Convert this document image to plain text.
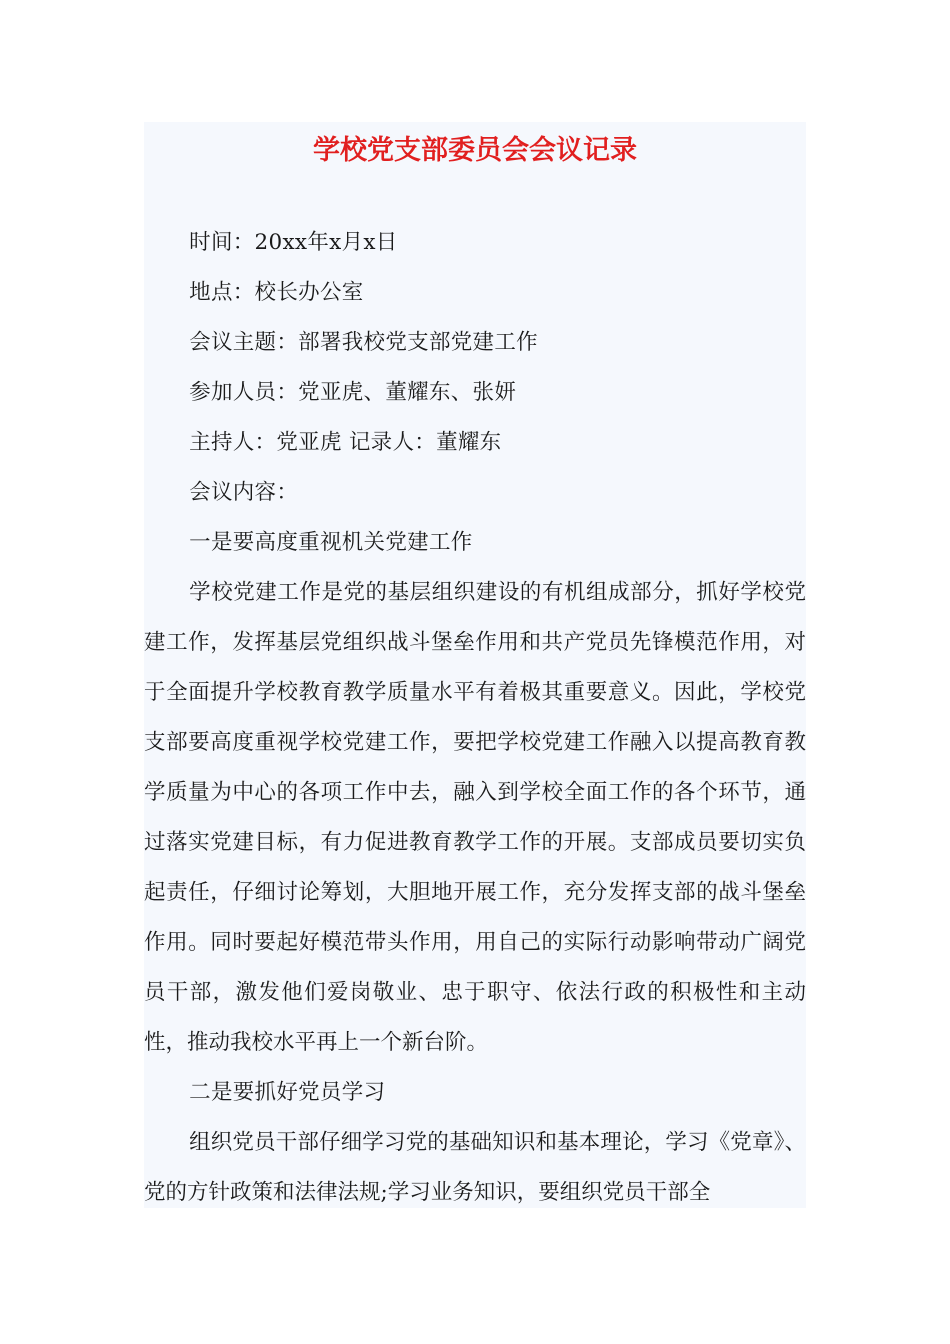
学校党支部委员会会议记录

时间：20xx年x月x日

地点：校长办公室

会议主题：部署我校党支部党建工作

参加人员：党亚虎、董耀东、张妍

主持人：党亚虎 记录人：董耀东

会议内容：

一是要高度重视机关党建工作

学校党建工作是党的基层组织建设的有机组成部分，抓好学校党建工作，发挥基层党组织战斗堡垒作用和共产党员先锋模范作用，对于全面提升学校教育教学质量水平有着极其重要意义。因此，学校党支部要高度重视学校党建工作，要把学校党建工作融入以提高教育教学质量为中心的各项工作中去，融入到学校全面工作的各个环节，通过落实党建目标，有力促进教育教学工作的开展。支部成员要切实负起责任，仔细讨论筹划，大胆地开展工作，充分发挥支部的战斗堡垒作用。同时要起好模范带头作用，用自己的实际行动影响带动广阔党员干部，激发他们爱岗敬业、忠于职守、依法行政的积极性和主动性，推动我校水平再上一个新台阶。

二是要抓好党员学习

组织党员干部仔细学习党的基础知识和基本理论，学习《党章》、党的方针政策和法律法规;学习业务知识，要组织党员干部全
